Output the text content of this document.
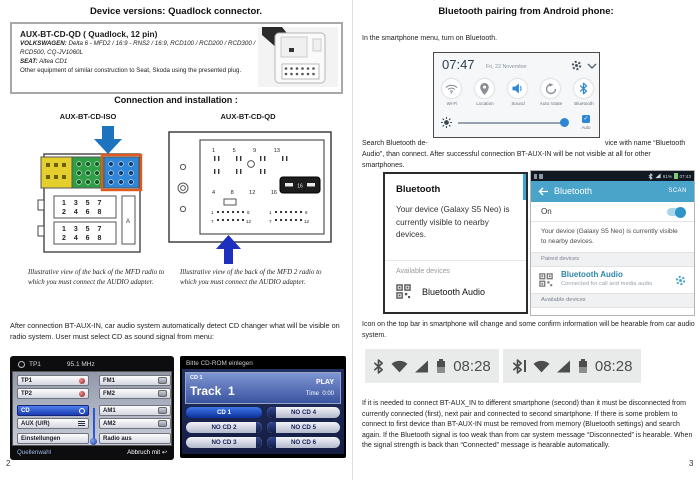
Device versions: Quadlock connector.
AUX-BT-CD-QD ( Quadlock, 12 pin)
VOLKSWAGEN: Delta 6 - MFD2 / 16:9 - RNS2 / 16:9, RCD100 / RCD200 / RCD300 /
RCD500, CQ-JV1060L
SEAT: Altea CD1
Other equipment of similar construction to Seat, Skoda using the presented plug.
Connection and installation :
AUX-BT-CD-ISO	AUX-BT-CD-QD
1 3 5 7
2 4 6 8
1 3 5 7
2 4 6 8
A
Illustrative view of the back of the MFD radio to which you must connect the AUDIO adapter.
1 5 9 13
4 8 12 16
16
1	6
7	12
1	6
7	12
Illustrative view of the back of the MFD 2 radio to which you must connect the AUDIO adapter.
After connection BT-AUX-IN, car audio system automatically detect CD changer what will be visible on radio system. User must select CD as sound signal from menu:
TP1	95.1 MHz
TP1	FM1
TP2	FM2
CD	AM1
AUX (U/R)	AM2
Einstellungen	Radio aus
Quellenwahl	Abbruch mit ↩
Bitte CD-ROM einlegen
CD 1
Track  1
PLAY
Time 0:00
CD 1
NO CD 2
NO CD 3
NO CD 4
NO CD 5
NO CD 6
2
Bluetooth pairing from Android phone:
In the smartphone menu, turn on Bluetooth.
07:47 Fri, 22 November
Wi-Fi	Location	Sound	Auto rotate	Bluetooth
✓
Auto
Search Bluetooth de-	vice with name “Bluetooth
Audio”, than connect. After successful connection BT-AUX-IN will be not visible at all for other
smartphones.
Bluetooth
Your device (Galaxy S5 Neo) is currently visible to nearby devices.
Available devices
Bluetooth Audio
61% 07:43
Bluetooth	SCAN
On
Your device (Galaxy S5 Neo) is currently visible to nearby devices.
Paired devices
Bluetooth Audio
Connected for call and media audio
Available devices
Icon on the top bar in smartphone will change and some confirm information will be hearable from car audio system.
08:28	08:28
If it is needed to connect BT-AUX_IN to different smartphone (second) than it must be disconnected from currently connected (first), next pair and connected to second smartphone. If there is some problem to connect to first device than BT-AUX-IN must be removed from memory (Bluetooth settings) and search again. If the Bluetooth signal is too weak than from car system message “Disconnected” is hearable. When the signal strength is back than “Connected” message is hearable automatically.
3
